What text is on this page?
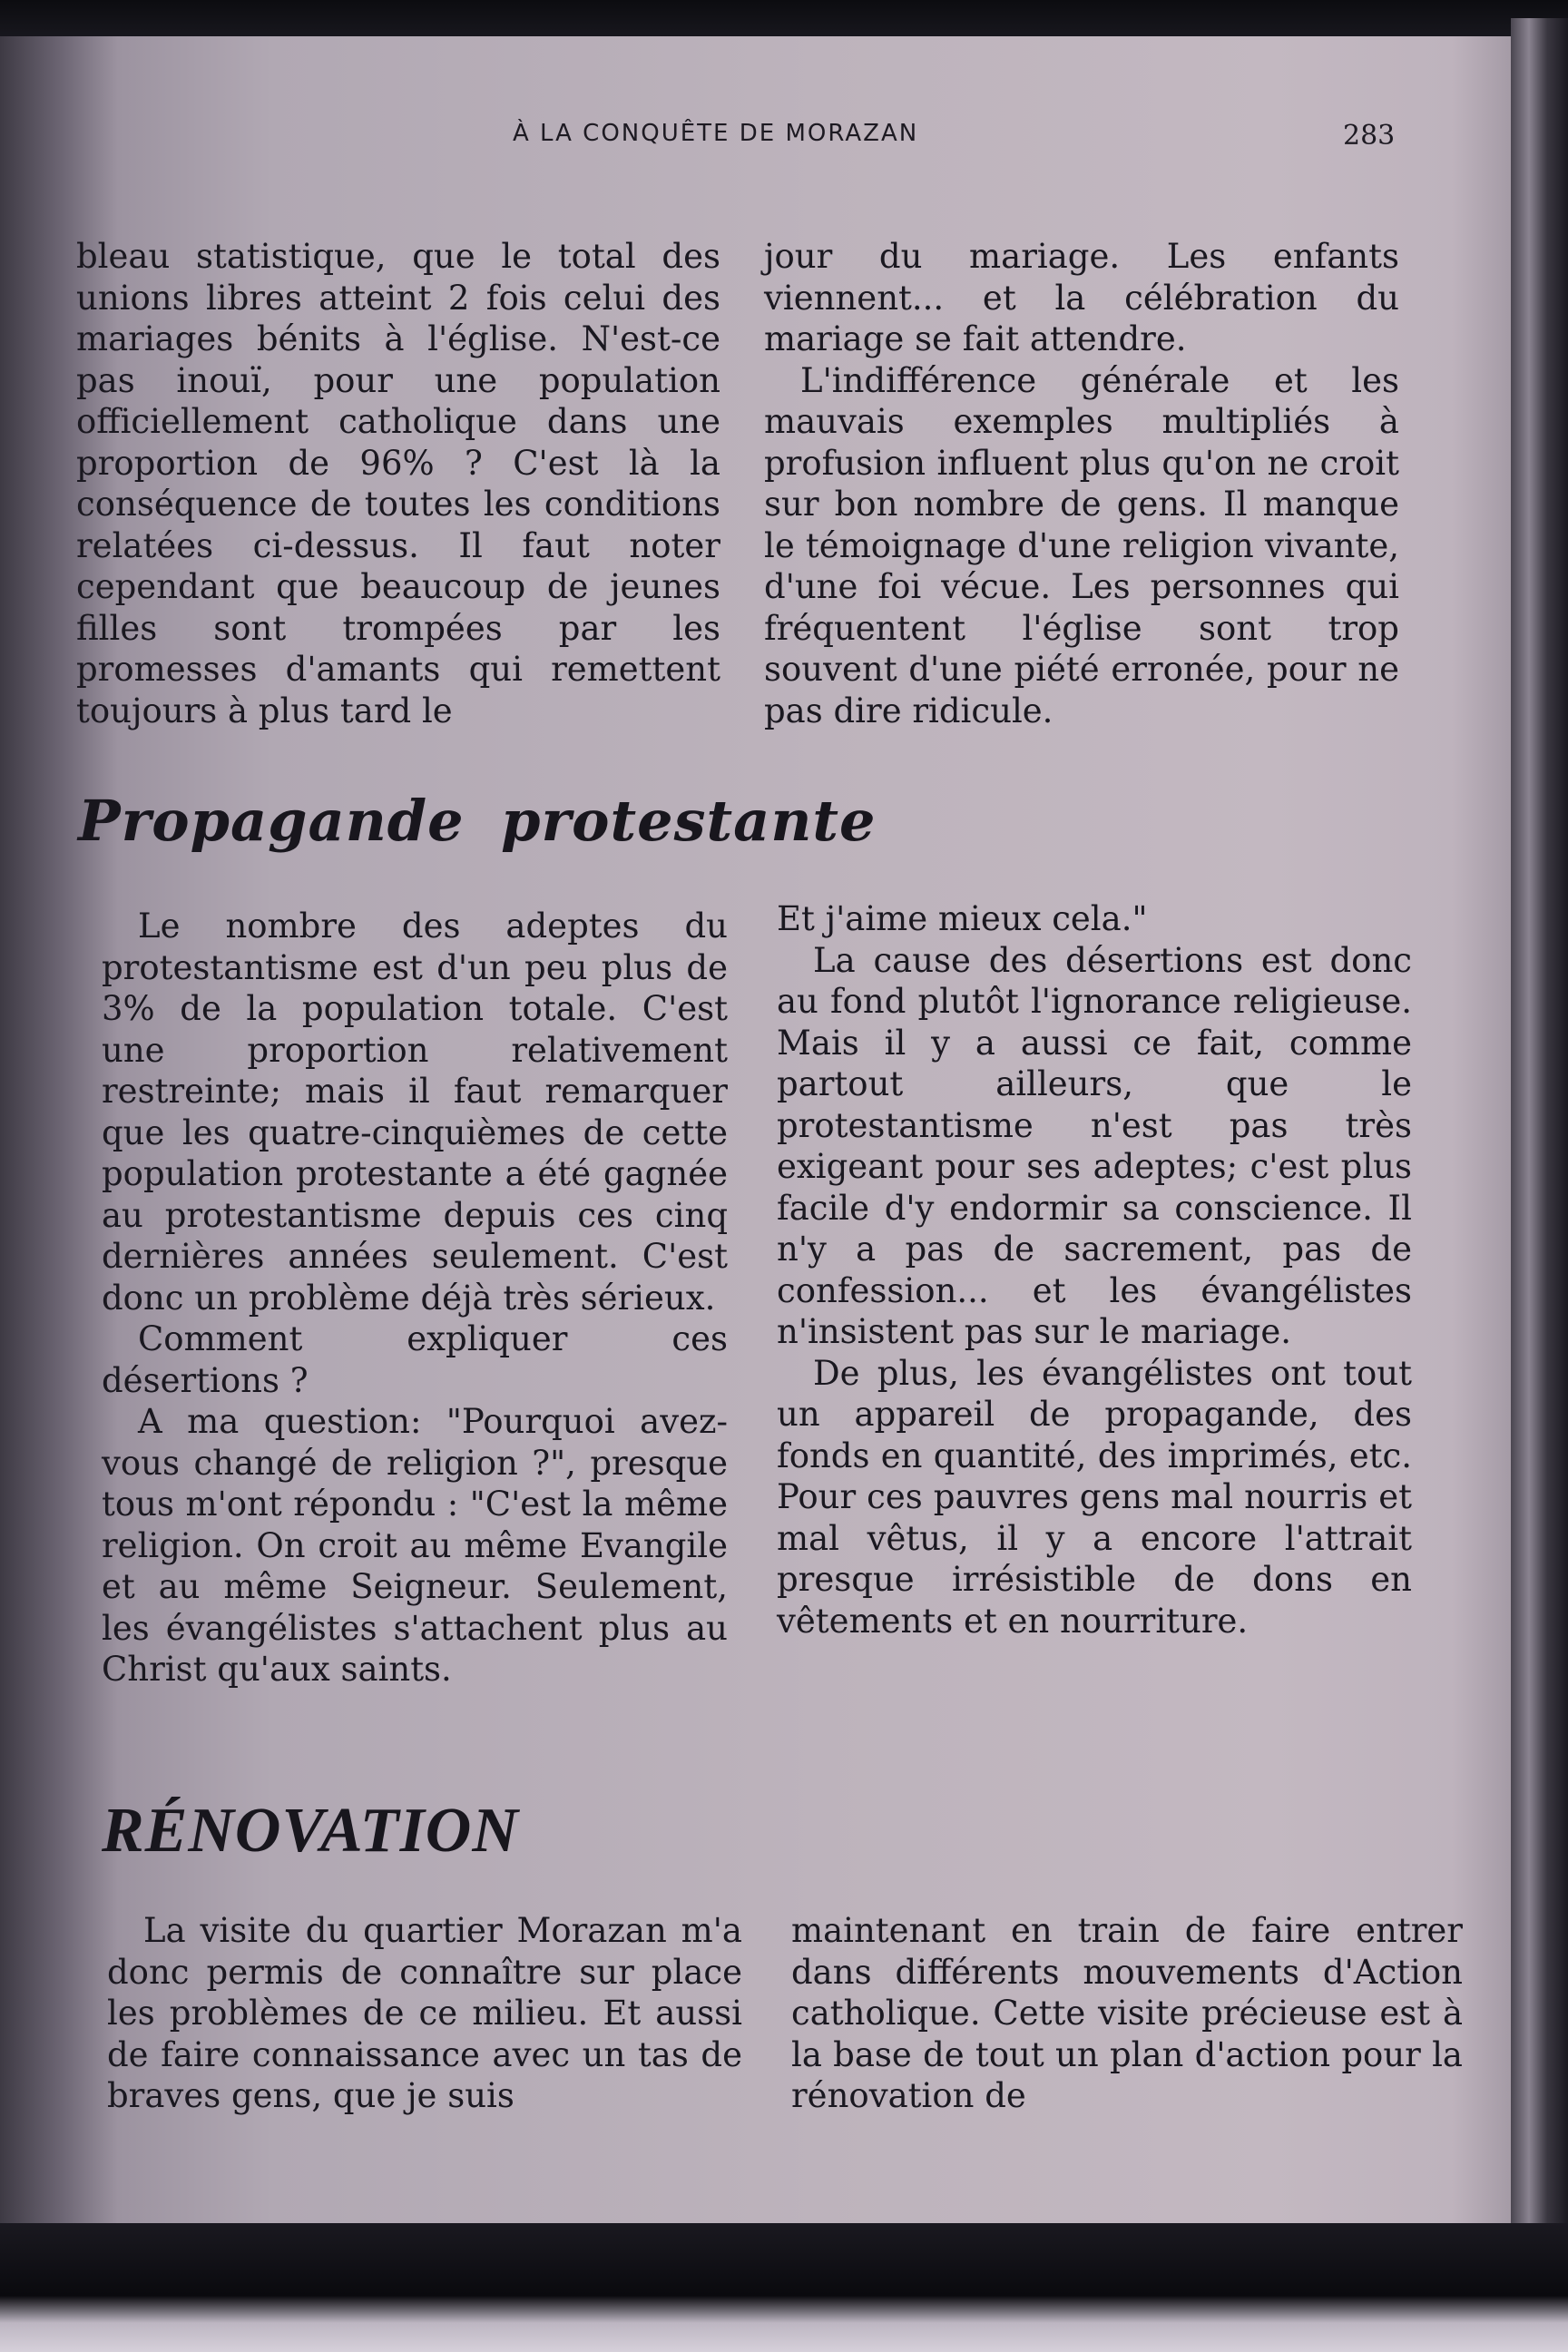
À LA CONQUÊTE DE MORAZAN	283

bleau statistique, que le total des unions libres atteint 2 fois celui des mariages bénits à l'église. N'est-ce pas inouï, pour une population officiellement catholique dans une proportion de 96% ? C'est là la conséquence de toutes les conditions relatées ci-dessus. Il faut noter cependant que beaucoup de jeunes filles sont trompées par les promesses d'amants qui remettent toujours à plus tard le

jour du mariage. Les enfants viennent... et la célébration du mariage se fait attendre.

L'indifférence générale et les mauvais exemples multipliés à profusion influent plus qu'on ne croit sur bon nombre de gens. Il manque le témoignage d'une religion vivante, d'une foi vécue. Les personnes qui fréquentent l'église sont trop souvent d'une piété erronée, pour ne pas dire ridicule.

Propagande protestante

Le nombre des adeptes du protestantisme est d'un peu plus de 3% de la population totale. C'est une proportion relativement restreinte; mais il faut remarquer que les quatre-cinquièmes de cette population protestante a été gagnée au protestantisme depuis ces cinq dernières années seulement. C'est donc un problème déjà très sérieux.

Comment expliquer ces désertions ?

A ma question: "Pourquoi avez-vous changé de religion ?", presque tous m'ont répondu : "C'est la même religion. On croit au même Evangile et au même Seigneur. Seulement, les évangélistes s'attachent plus au Christ qu'aux saints.

Et j'aime mieux cela."

La cause des désertions est donc au fond plutôt l'ignorance religieuse. Mais il y a aussi ce fait, comme partout ailleurs, que le protestantisme n'est pas très exigeant pour ses adeptes; c'est plus facile d'y endormir sa conscience. Il n'y a pas de sacrement, pas de confession... et les évangélistes n'insistent pas sur le mariage.

De plus, les évangélistes ont tout un appareil de propagande, des fonds en quantité, des imprimés, etc. Pour ces pauvres gens mal nourris et mal vêtus, il y a encore l'attrait presque irrésistible de dons en vêtements et en nourriture.

RÉNOVATION

La visite du quartier Morazan m'a donc permis de connaître sur place les problèmes de ce milieu. Et aussi de faire connaissance avec un tas de braves gens, que je suis

maintenant en train de faire entrer dans différents mouvements d'Action catholique. Cette visite précieuse est à la base de tout un plan d'action pour la rénovation de
